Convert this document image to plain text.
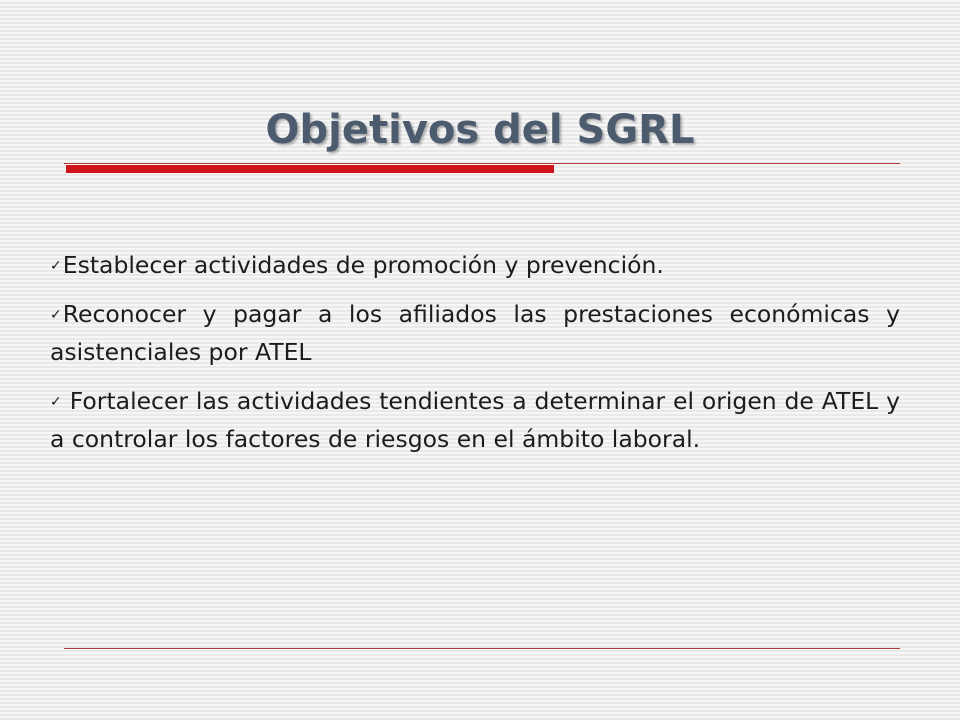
Objetivos del SGRL

✓Establecer actividades de promoción y prevención.

✓Reconocer y pagar a los afiliados las prestaciones económicas y asistenciales por ATEL

✓ Fortalecer las actividades tendientes a determinar el origen de ATEL y a controlar los factores de riesgos en el ámbito laboral.
